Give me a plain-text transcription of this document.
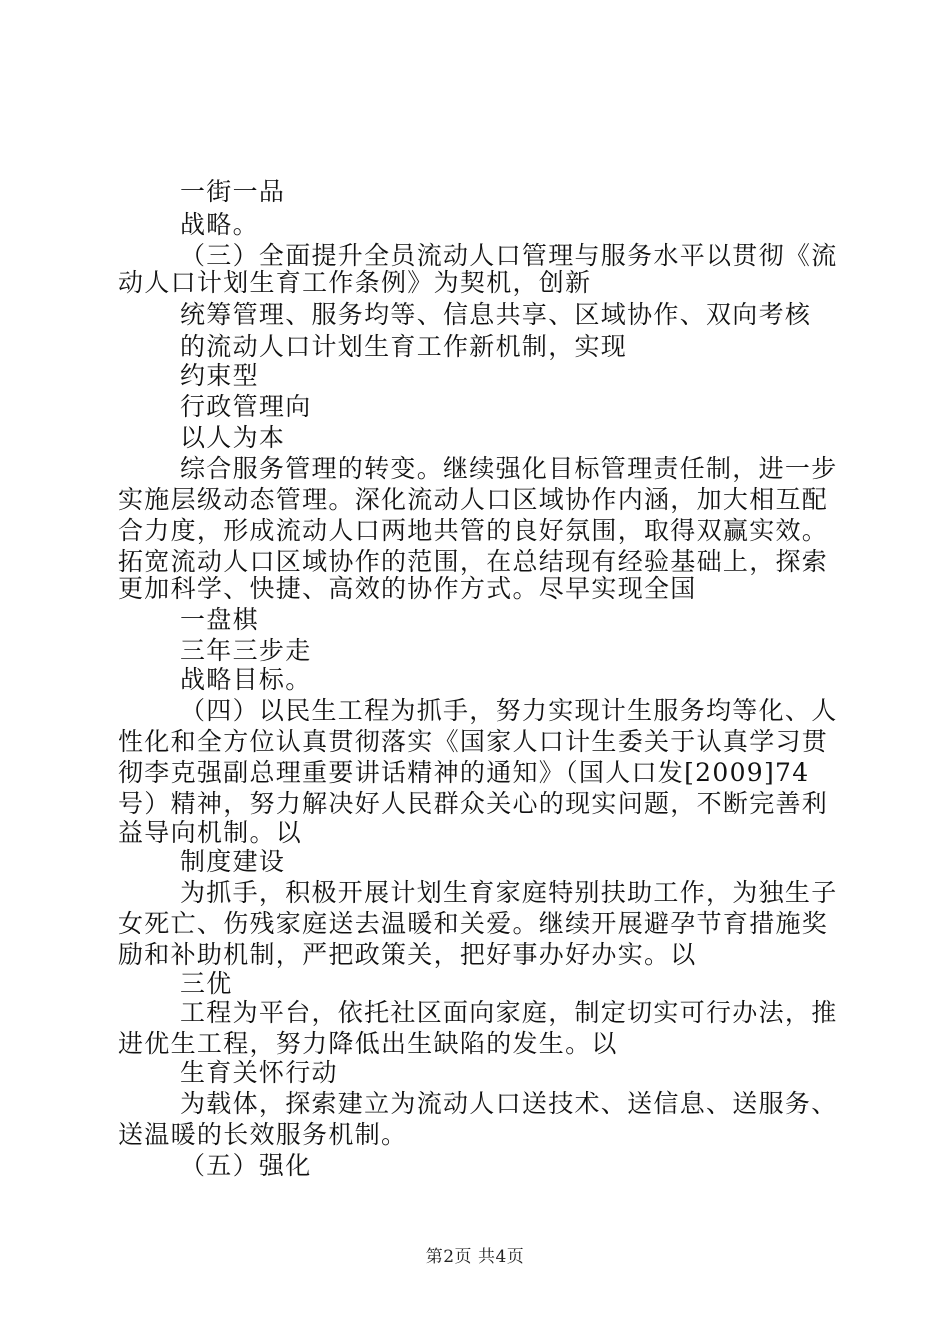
一街一品
战略。
（三）全面提升全员流动人口管理与服务水平以贯彻《流
动人口计划生育工作条例》为契机，创新
统筹管理、服务均等、信息共享、区域协作、双向考核
的流动人口计划生育工作新机制，实现
约束型
行政管理向
以人为本
综合服务管理的转变。继续强化目标管理责任制，进一步
实施层级动态管理。深化流动人口区域协作内涵，加大相互配
合力度，形成流动人口两地共管的良好氛围，取得双赢实效。
拓宽流动人口区域协作的范围，在总结现有经验基础上，探索
更加科学、快捷、高效的协作方式。尽早实现全国
一盘棋
三年三步走
战略目标。
（四）以民生工程为抓手，努力实现计生服务均等化、人
性化和全方位认真贯彻落实《国家人口计生委关于认真学习贯
彻李克强副总理重要讲话精神的通知》（国人口发[2009]74
号）精神，努力解决好人民群众关心的现实问题，不断完善利
益导向机制。以
制度建设
为抓手，积极开展计划生育家庭特别扶助工作，为独生子
女死亡、伤残家庭送去温暖和关爱。继续开展避孕节育措施奖
励和补助机制，严把政策关，把好事办好办实。以
三优
工程为平台，依托社区面向家庭，制定切实可行办法，推
进优生工程，努力降低出生缺陷的发生。以
生育关怀行动
为载体，探索建立为流动人口送技术、送信息、送服务、
送温暖的长效服务机制。
（五）强化
第2页 共4页
